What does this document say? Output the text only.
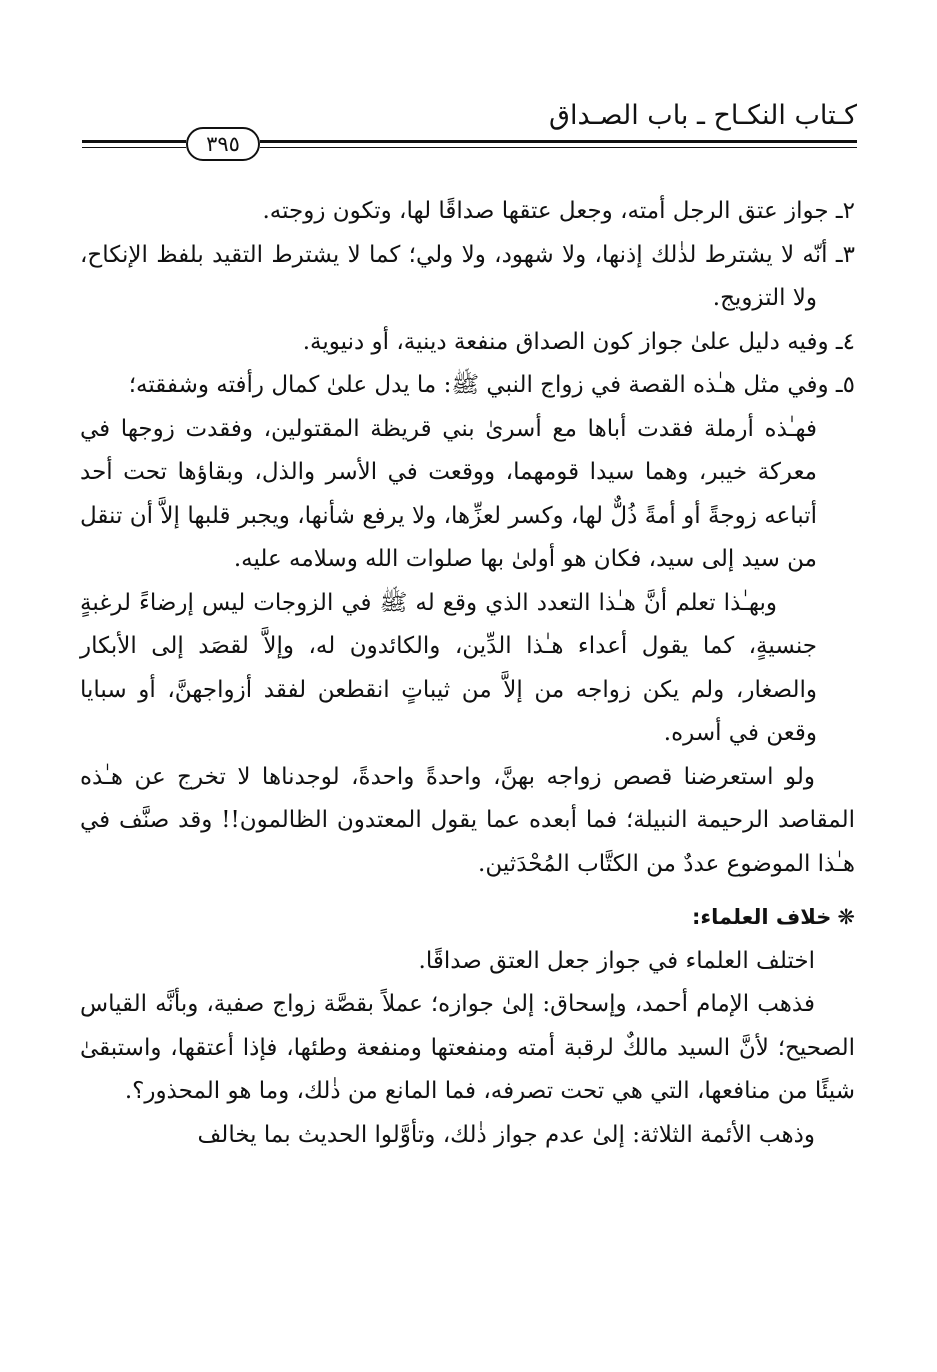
كـتاب النكـاح ـ باب الصـداق
٣٩٥

٢ـ جواز عتق الرجل أمته، وجعل عتقها صداقًا لها، وتكون زوجته.

٣ـ أنّه لا يشترط لذٰلك إذنها، ولا شهود، ولا ولي؛ كما لا يشترط التقيد بلفظ الإنكاح، ولا التزويج.

٤ـ وفيه دليل علىٰ جواز كون الصداق منفعة دينية، أو دنيوية.

٥ـ وفي مثل هـٰذه القصة في زواج النبي ﷺ: ما يدل علىٰ كمال رأفته وشفقته؛

فهـٰذه أرملة فقدت أباها مع أسرىٰ بني قريظة المقتولين، وفقدت زوجها في معركة خيبر، وهما سيدا قومهما، ووقعت في الأسر والذل، وبقاؤها تحت أحد أتباعه زوجةً أو أمةً ذُلٌّ لها، وكسر لعزِّها، ولا يرفع شأنها، ويجبر قلبها إلاَّ أن تنقل من سيد إلى سيد، فكان هو أولىٰ بها صلوات الله وسلامه عليه.

وبهـٰذا تعلم أنَّ هـٰذا التعدد الذي وقع له ﷺ في الزوجات ليس إرضاءً لرغبةٍ جنسيةٍ، كما يقول أعداء هـٰذا الدِّين، والكائدون له، وإلاَّ لقصَد إلى الأبكار والصغار، ولم يكن زواجه من إلاَّ من ثيباتٍ انقطعن لفقد أزواجهنَّ، أو سبايا وقعن في أسره.

ولو استعرضنا قصص زواجه بهنَّ، واحدةً واحدةً، لوجدناها لا تخرج عن هـٰذه المقاصد الرحيمة النبيلة؛ فما أبعده عما يقول المعتدون الظالمون!! وقد صنَّف في هـٰذا الموضوع عددٌ من الكتَّاب المُحْدَثين.

❋خلاف العلماء:

اختلف العلماء في جواز جعل العتق صداقًا.

فذهب الإمام أحمد، وإسحاق: إلىٰ جوازه؛ عملاً بقصَّة زواج صفية، وبأنَّه القياس الصحيح؛ لأنَّ السيد مالكٌ لرقبة أمته ومنفعتها ومنفعة وطئها، فإذا أعتقها، واستبقىٰ شيئًا من منافعها، التي هي تحت تصرفه، فما المانع من ذٰلك، وما هو المحذور؟.

وذهب الأئمة الثلاثة: إلىٰ عدم جواز ذٰلك، وتأوَّلوا الحديث بما يخالف
